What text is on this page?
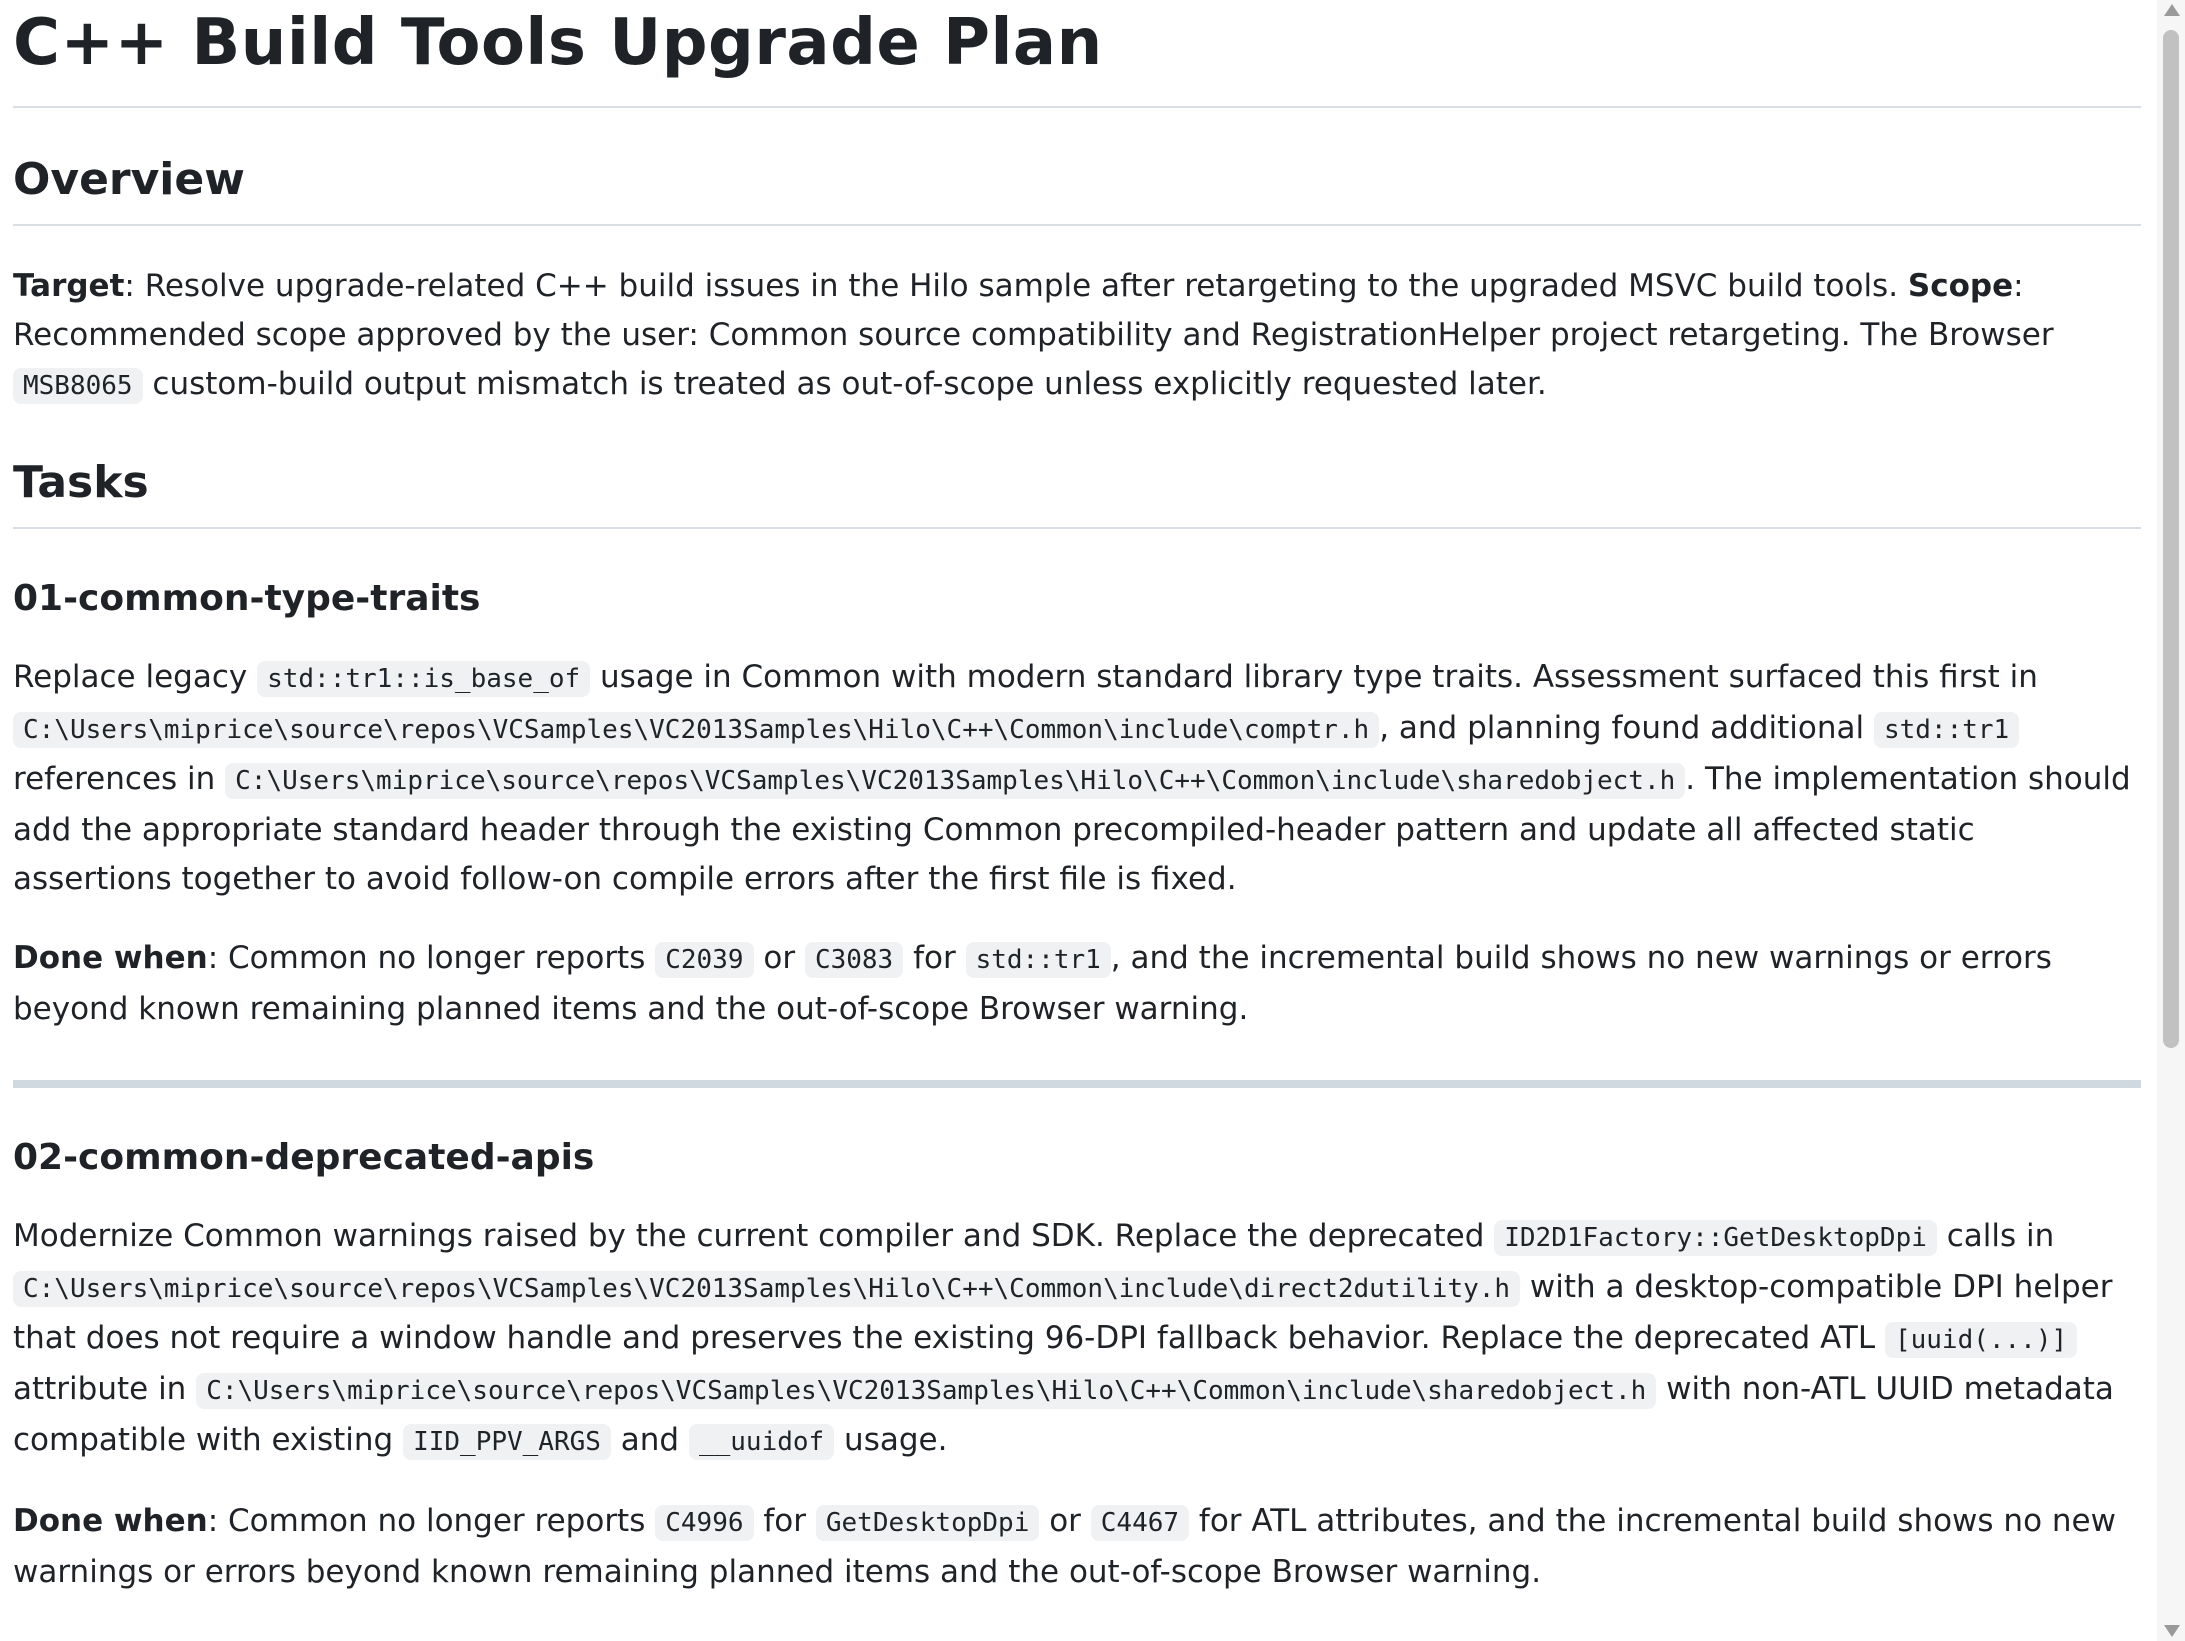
C++ Build Tools Upgrade Plan
Overview

Target: Resolve upgrade-related C++ build issues in the Hilo sample after retargeting to the upgraded MSVC build tools. Scope: Recommended scope approved by the user: Common source compatibility and RegistrationHelper project retargeting. The Browser MSB8065 custom-build output mismatch is treated as out-of-scope unless explicitly requested later.

Tasks
01-common-type-traits

Replace legacy std::tr1::is_base_of usage in Common with modern standard library type traits. Assessment surfaced this first in C:\Users\miprice\source\repos\VCSamples\VC2013Samples\Hilo\C++\Common\include\comptr.h , and planning found additional std::tr1 references in C:\Users\miprice\source\repos\VCSamples\VC2013Samples\Hilo\C++\Common\include\sharedobject.h . The implementation should add the appropriate standard header through the existing Common precompiled-header pattern and update all affected static assertions together to avoid follow-on compile errors after the first file is fixed.

Done when: Common no longer reports C2039 or C3083 for std::tr1 , and the incremental build shows no new warnings or errors beyond known remaining planned items and the out-of-scope Browser warning.

02-common-deprecated-apis

Modernize Common warnings raised by the current compiler and SDK. Replace the deprecated ID2D1Factory::GetDesktopDpi calls in C:\Users\miprice\source\repos\VCSamples\VC2013Samples\Hilo\C++\Common\include\direct2dutility.h with a desktop-compatible DPI helper that does not require a window handle and preserves the existing 96-DPI fallback behavior. Replace the deprecated ATL [uuid(...)] attribute in C:\Users\miprice\source\repos\VCSamples\VC2013Samples\Hilo\C++\Common\include\sharedobject.h with non-ATL UUID metadata compatible with existing IID_PPV_ARGS and __uuidof usage.

Done when: Common no longer reports C4996 for GetDesktopDpi or C4467 for ATL attributes, and the incremental build shows no new warnings or errors beyond known remaining planned items and the out-of-scope Browser warning.
